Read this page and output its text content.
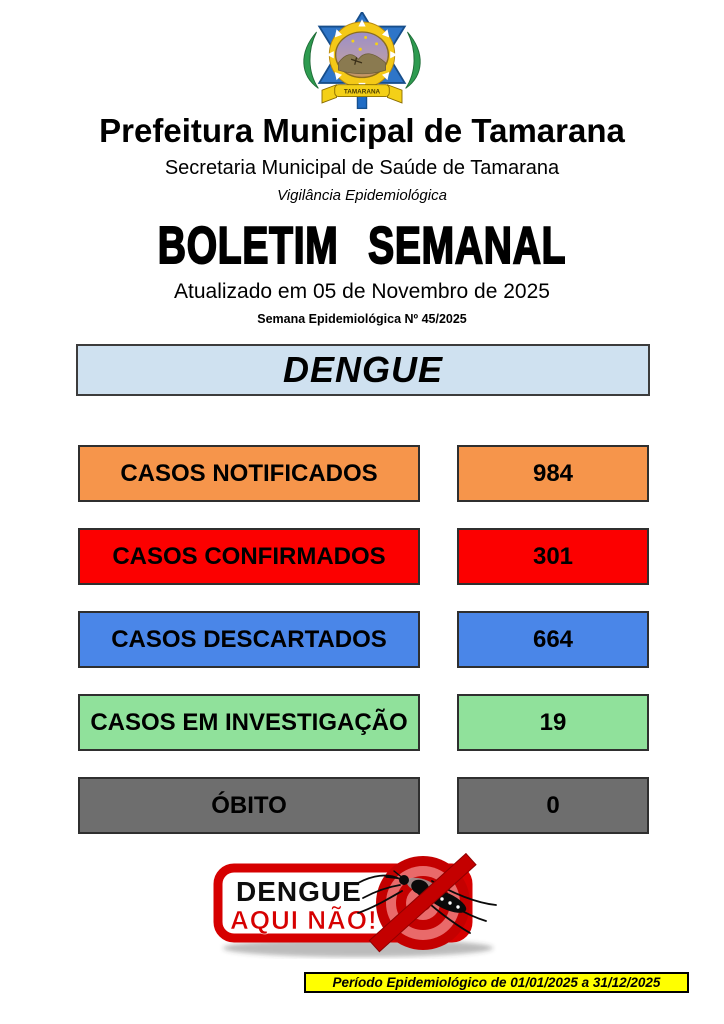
TAMARANA
Prefeitura Municipal de Tamarana
Secretaria Municipal de Saúde de Tamarana
Vigilância Epidemiológica
BOLETIM SEMANAL
Atualizado em 05 de Novembro de 2025
Semana Epidemiológica Nº 45/2025
DENGUE
CASOS NOTIFICADOS	984
CASOS CONFIRMADOS	301
CASOS DESCARTADOS	664
CASOS EM INVESTIGAÇÃO	19
ÓBITO	0
DENGUE
AQUI NÃO!
Período Epidemiológico de 01/01/2025 a 31/12/2025
